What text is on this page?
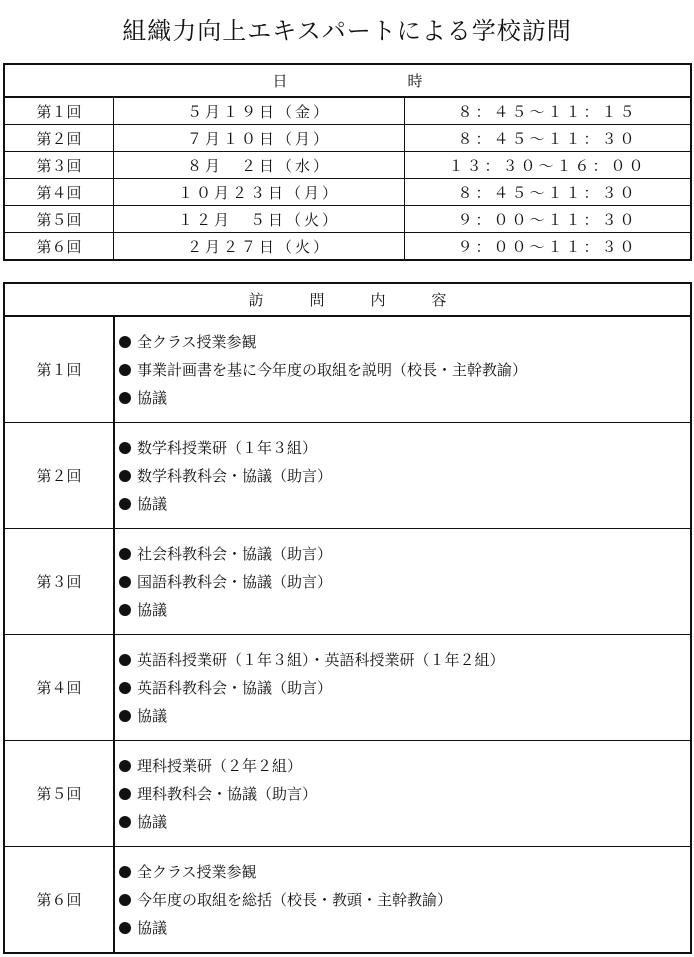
組織力向上エキスパートによる学校訪問
日 時		

第１回	５月１９日（金）	８：４５〜１１：１５
第２回	７月１０日（月）	８：４５〜１１：３０
第３回	８月　２日（水）	１３：３０〜１６：００
第４回	１０月２３日（月）	８：４５〜１１：３０
第５回	１２月　５日（火）	９：００〜１１：３０
第６回	２月２７日（火）	９：００〜１１：３０
訪 問 内 容	

第１回	全クラス授業参観
事業計画書を基に今年度の取組を説明（校長・主幹教諭）
協議

第２回	数学科授業研（１年３組）
数学科教科会・協議（助言）
協議

第３回	社会科教科会・協議（助言）
国語科教科会・協議（助言）
協議

第４回	英語科授業研（１年３組）・英語科授業研（１年２組）
英語科教科会・協議（助言）
協議

第５回	理科授業研（２年２組）
理科教科会・協議（助言）
協議

第６回	全クラス授業参観
今年度の取組を総括（校長・教頭・主幹教諭）
協議
